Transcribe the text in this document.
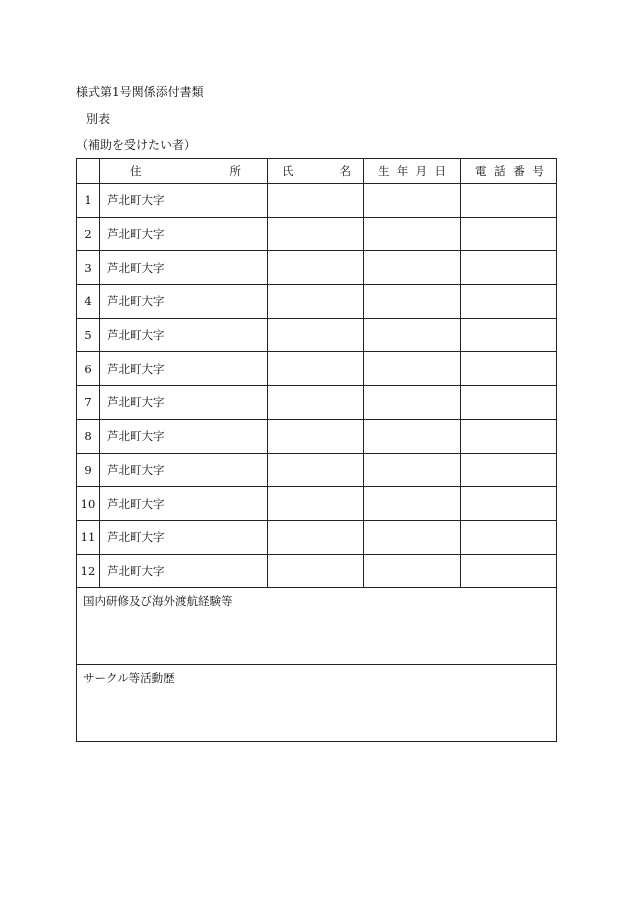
様式第1号関係添付書類
別表
（補助を受けたい者）

	住 所	氏 名	生 年 月 日	電 話 番 号

1	芦北町大字			
2	芦北町大字			
3	芦北町大字			
4	芦北町大字			
5	芦北町大字			
6	芦北町大字			
7	芦北町大字			
8	芦北町大字			
9	芦北町大字			
10	芦北町大字			
11	芦北町大字			
12	芦北町大字			
国内研修及び海外渡航経験等				
サークル等活動歴				
